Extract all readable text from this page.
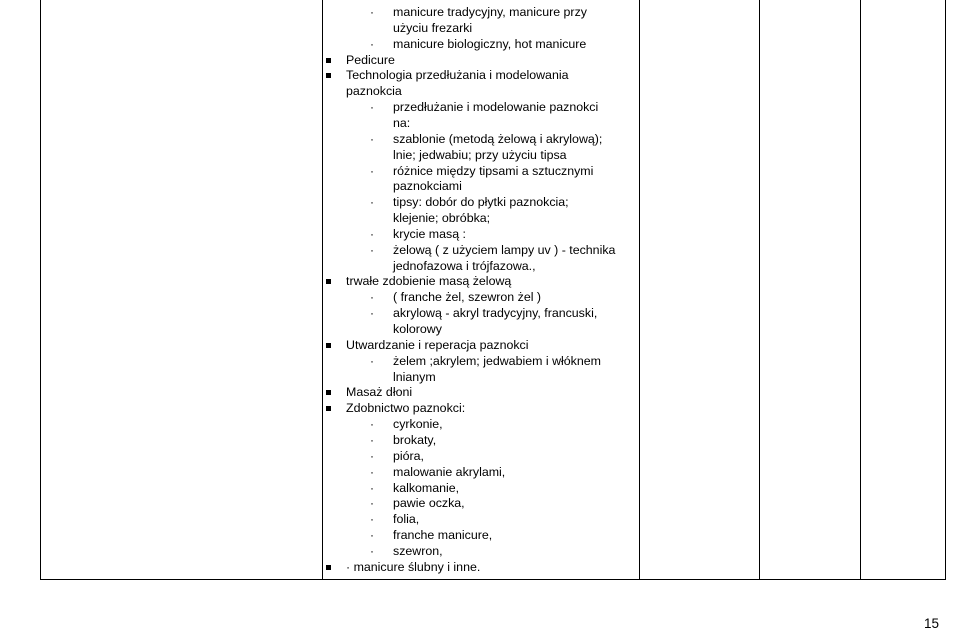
· manicure tradycyjny, manicure przy
użyciu frezarki
· manicure biologiczny, hot manicure
Pedicure
Technologia przedłużania i modelowania
paznokcia
· przedłużanie i modelowanie paznokci
na:
· szablonie (metodą żelową i akrylową);
lnie; jedwabiu; przy użyciu tipsa
· różnice między tipsami a sztucznymi
paznokciami
· tipsy: dobór do płytki paznokcia;
klejenie; obróbka;
· krycie masą :
· żelową ( z użyciem lampy uv ) - technika
jednofazowa i trójfazowa.,
trwałe zdobienie masą żelową
· ( franche żel, szewron żel )
· akrylową - akryl tradycyjny, francuski,
kolorowy
Utwardzanie i reperacja paznokci
· żelem ;akrylem; jedwabiem i włóknem
lnianym
Masaż dłoni
Zdobnictwo paznokci:
· cyrkonie,
· brokaty,
· pióra,
· malowanie akrylami,
· kalkomanie,
· pawie oczka,
· folia,
· franche manicure,
· szewron,
· manicure ślubny i inne.
15
